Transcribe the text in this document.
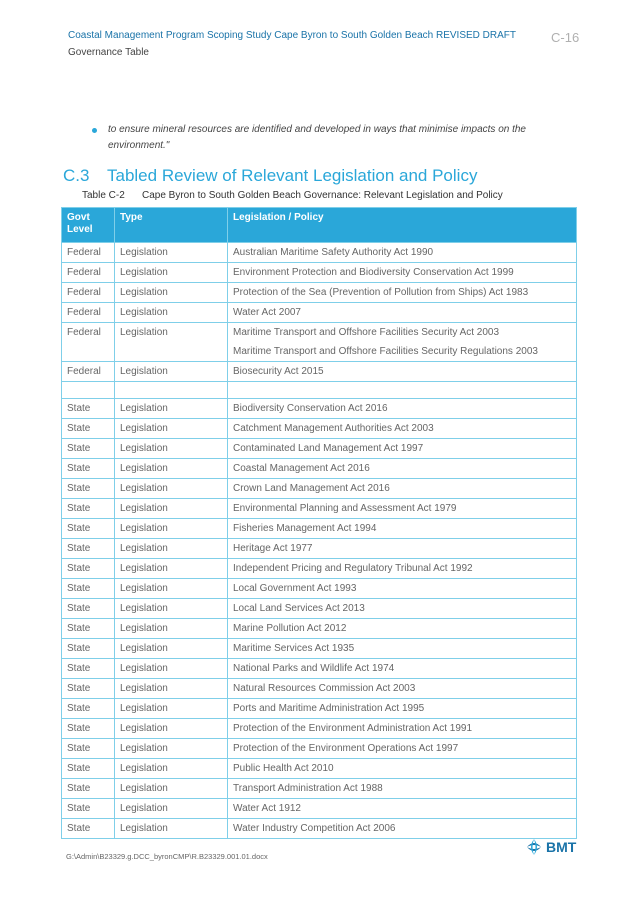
Coastal Management Program Scoping Study Cape Byron to South Golden Beach REVISED DRAFT	C-16
Governance Table
to ensure mineral resources are identified and developed in ways that minimise impacts on the environment."
C.3 Tabled Review of Relevant Legislation and Policy
Table C-2 Cape Byron to South Golden Beach Governance: Relevant Legislation and Policy
Govt Level	Type	Legislation / Policy
Federal	Legislation	Australian Maritime Safety Authority Act 1990

Federal	Legislation	Environment Protection and Biodiversity Conservation Act 1999

Federal	Legislation	Protection of the Sea (Prevention of Pollution from Ships) Act 1983

Federal	Legislation	Water Act 2007

Federal	Legislation	Maritime Transport and Offshore Facilities Security Act 2003
Maritime Transport and Offshore Facilities Security Regulations 2003

Federal	Legislation	Biosecurity Act 2015

State	Legislation	Biodiversity Conservation Act 2016

State	Legislation	Catchment Management Authorities Act 2003

State	Legislation	Contaminated Land Management Act 1997

State	Legislation	Coastal Management Act 2016

State	Legislation	Crown Land Management Act 2016

State	Legislation	Environmental Planning and Assessment Act 1979

State	Legislation	Fisheries Management Act 1994

State	Legislation	Heritage Act 1977

State	Legislation	Independent Pricing and Regulatory Tribunal Act 1992

State	Legislation	Local Government Act 1993

State	Legislation	Local Land Services Act 2013

State	Legislation	Marine Pollution Act 2012

State	Legislation	Maritime Services Act 1935

State	Legislation	National Parks and Wildlife Act 1974

State	Legislation	Natural Resources Commission Act 2003

State	Legislation	Ports and Maritime Administration Act 1995

State	Legislation	Protection of the Environment Administration Act 1991

State	Legislation	Protection of the Environment Operations Act 1997

State	Legislation	Public Health Act 2010

State	Legislation	Transport Administration Act 1988

State	Legislation	Water Act 1912

State	Legislation	Water Industry Competition Act 2006
G:\Admin\B23329.g.DCC_byronCMP\R.B23329.001.01.docx
BMT
